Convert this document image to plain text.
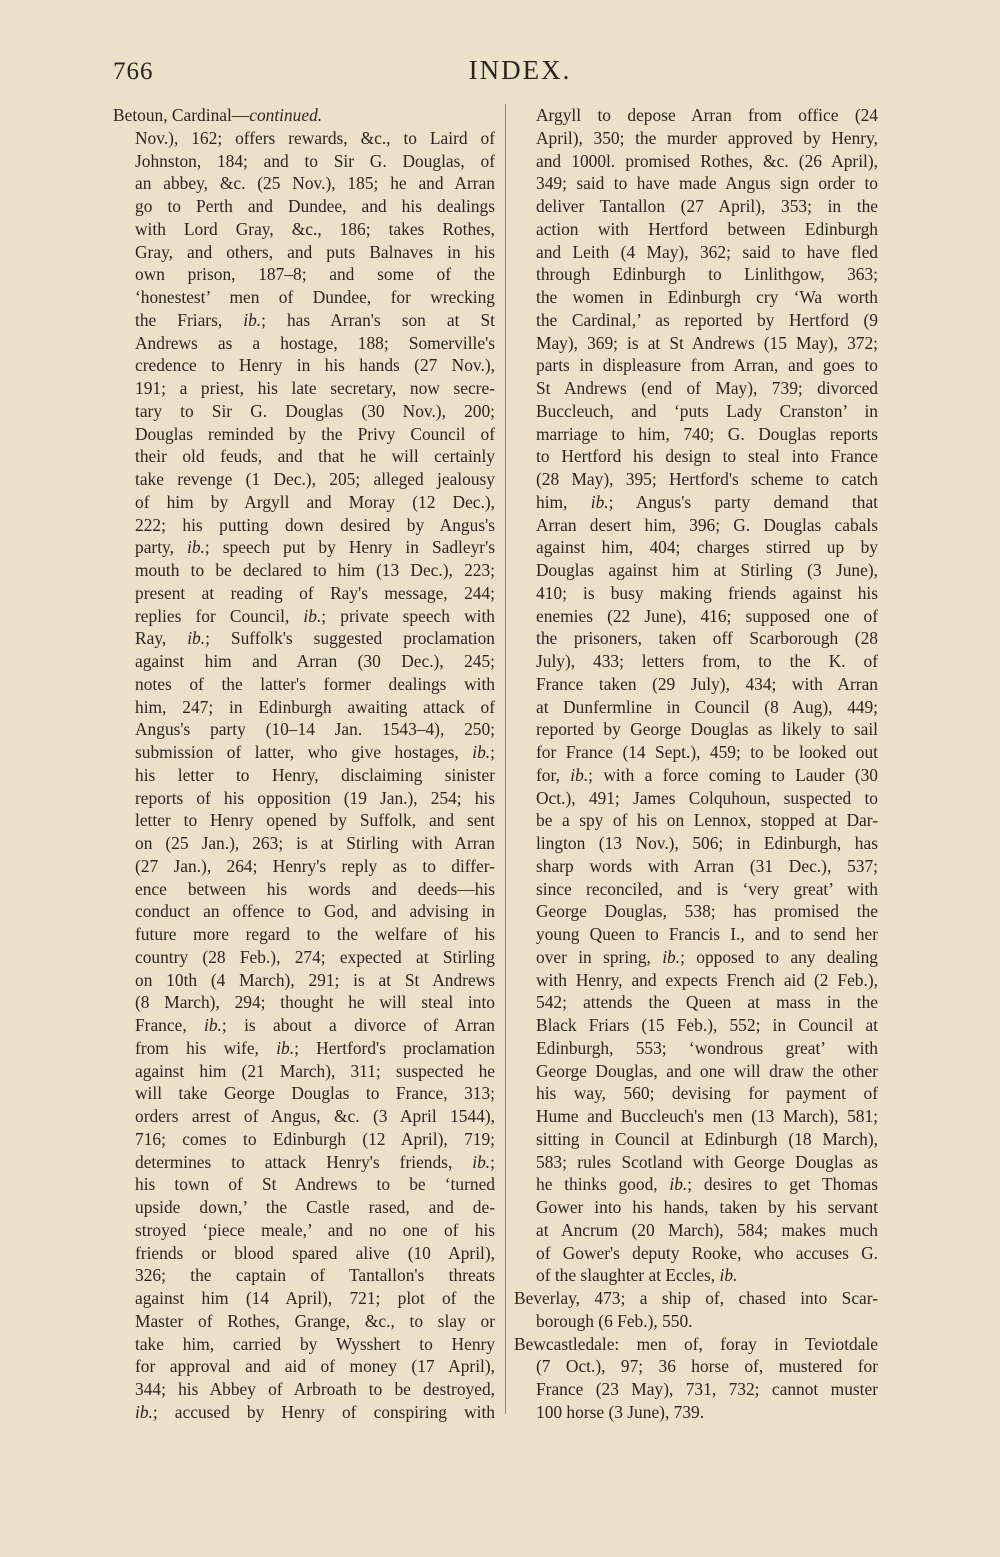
766	INDEX.
Betoun, Cardinal—continued.
Nov.), 162; offers rewards, &c., to Laird of
Johnston, 184; and to Sir G. Douglas, of
an abbey, &c. (25 Nov.), 185; he and Arran
go to Perth and Dundee, and his dealings
with Lord Gray, &c., 186; takes Rothes,
Gray, and others, and puts Balnaves in his
own prison, 187–8; and some of the
‘honestest’ men of Dundee, for wrecking
the Friars, ib.; has Arran's son at St
Andrews as a hostage, 188; Somerville's
credence to Henry in his hands (27 Nov.),
191; a priest, his late secretary, now secre-
tary to Sir G. Douglas (30 Nov.), 200;
Douglas reminded by the Privy Council of
their old feuds, and that he will certainly
take revenge (1 Dec.), 205; alleged jealousy
of him by Argyll and Moray (12 Dec.),
222; his putting down desired by Angus's
party, ib.; speech put by Henry in Sadleyr's
mouth to be declared to him (13 Dec.), 223;
present at reading of Ray's message, 244;
replies for Council, ib.; private speech with
Ray, ib.; Suffolk's suggested proclamation
against him and Arran (30 Dec.), 245;
notes of the latter's former dealings with
him, 247; in Edinburgh awaiting attack of
Angus's party (10–14 Jan. 1543–4), 250;
submission of latter, who give hostages, ib.;
his letter to Henry, disclaiming sinister
reports of his opposition (19 Jan.), 254; his
letter to Henry opened by Suffolk, and sent
on (25 Jan.), 263; is at Stirling with Arran
(27 Jan.), 264; Henry's reply as to differ-
ence between his words and deeds—his
conduct an offence to God, and advising in
future more regard to the welfare of his
country (28 Feb.), 274; expected at Stirling
on 10th (4 March), 291; is at St Andrews
(8 March), 294; thought he will steal into
France, ib.; is about a divorce of Arran
from his wife, ib.; Hertford's proclamation
against him (21 March), 311; suspected he
will take George Douglas to France, 313;
orders arrest of Angus, &c. (3 April 1544),
716; comes to Edinburgh (12 April), 719;
determines to attack Henry's friends, ib.;
his town of St Andrews to be ‘turned
upside down,’ the Castle rased, and de-
stroyed ‘piece meale,’ and no one of his
friends or blood spared alive (10 April),
326; the captain of Tantallon's threats
against him (14 April), 721; plot of the
Master of Rothes, Grange, &c., to slay or
take him, carried by Wysshert to Henry
for approval and aid of money (17 April),
344; his Abbey of Arbroath to be destroyed,
ib.; accused by Henry of conspiring with
Argyll to depose Arran from office (24
April), 350; the murder approved by Henry,
and 1000l. promised Rothes, &c. (26 April),
349; said to have made Angus sign order to
deliver Tantallon (27 April), 353; in the
action with Hertford between Edinburgh
and Leith (4 May), 362; said to have fled
through Edinburgh to Linlithgow, 363;
the women in Edinburgh cry ‘Wa worth
the Cardinal,’ as reported by Hertford (9
May), 369; is at St Andrews (15 May), 372;
parts in displeasure from Arran, and goes to
St Andrews (end of May), 739; divorced
Buccleuch, and ‘puts Lady Cranston’ in
marriage to him, 740; G. Douglas reports
to Hertford his design to steal into France
(28 May), 395; Hertford's scheme to catch
him, ib.; Angus's party demand that
Arran desert him, 396; G. Douglas cabals
against him, 404; charges stirred up by
Douglas against him at Stirling (3 June),
410; is busy making friends against his
enemies (22 June), 416; supposed one of
the prisoners, taken off Scarborough (28
July), 433; letters from, to the K. of
France taken (29 July), 434; with Arran
at Dunfermline in Council (8 Aug), 449;
reported by George Douglas as likely to sail
for France (14 Sept.), 459; to be looked out
for, ib.; with a force coming to Lauder (30
Oct.), 491; James Colquhoun, suspected to
be a spy of his on Lennox, stopped at Dar-
lington (13 Nov.), 506; in Edinburgh, has
sharp words with Arran (31 Dec.), 537;
since reconciled, and is ‘very great’ with
George Douglas, 538; has promised the
young Queen to Francis I., and to send her
over in spring, ib.; opposed to any dealing
with Henry, and expects French aid (2 Feb.),
542; attends the Queen at mass in the
Black Friars (15 Feb.), 552; in Council at
Edinburgh, 553; ‘wondrous great’ with
George Douglas, and one will draw the other
his way, 560; devising for payment of
Hume and Buccleuch's men (13 March), 581;
sitting in Council at Edinburgh (18 March),
583; rules Scotland with George Douglas as
he thinks good, ib.; desires to get Thomas
Gower into his hands, taken by his servant
at Ancrum (20 March), 584; makes much
of Gower's deputy Rooke, who accuses G.
of the slaughter at Eccles, ib.
Beverlay, 473; a ship of, chased into Scar-
borough (6 Feb.), 550.
Bewcastledale: men of, foray in Teviotdale
(7 Oct.), 97; 36 horse of, mustered for
France (23 May), 731, 732; cannot muster
100 horse (3 June), 739.
